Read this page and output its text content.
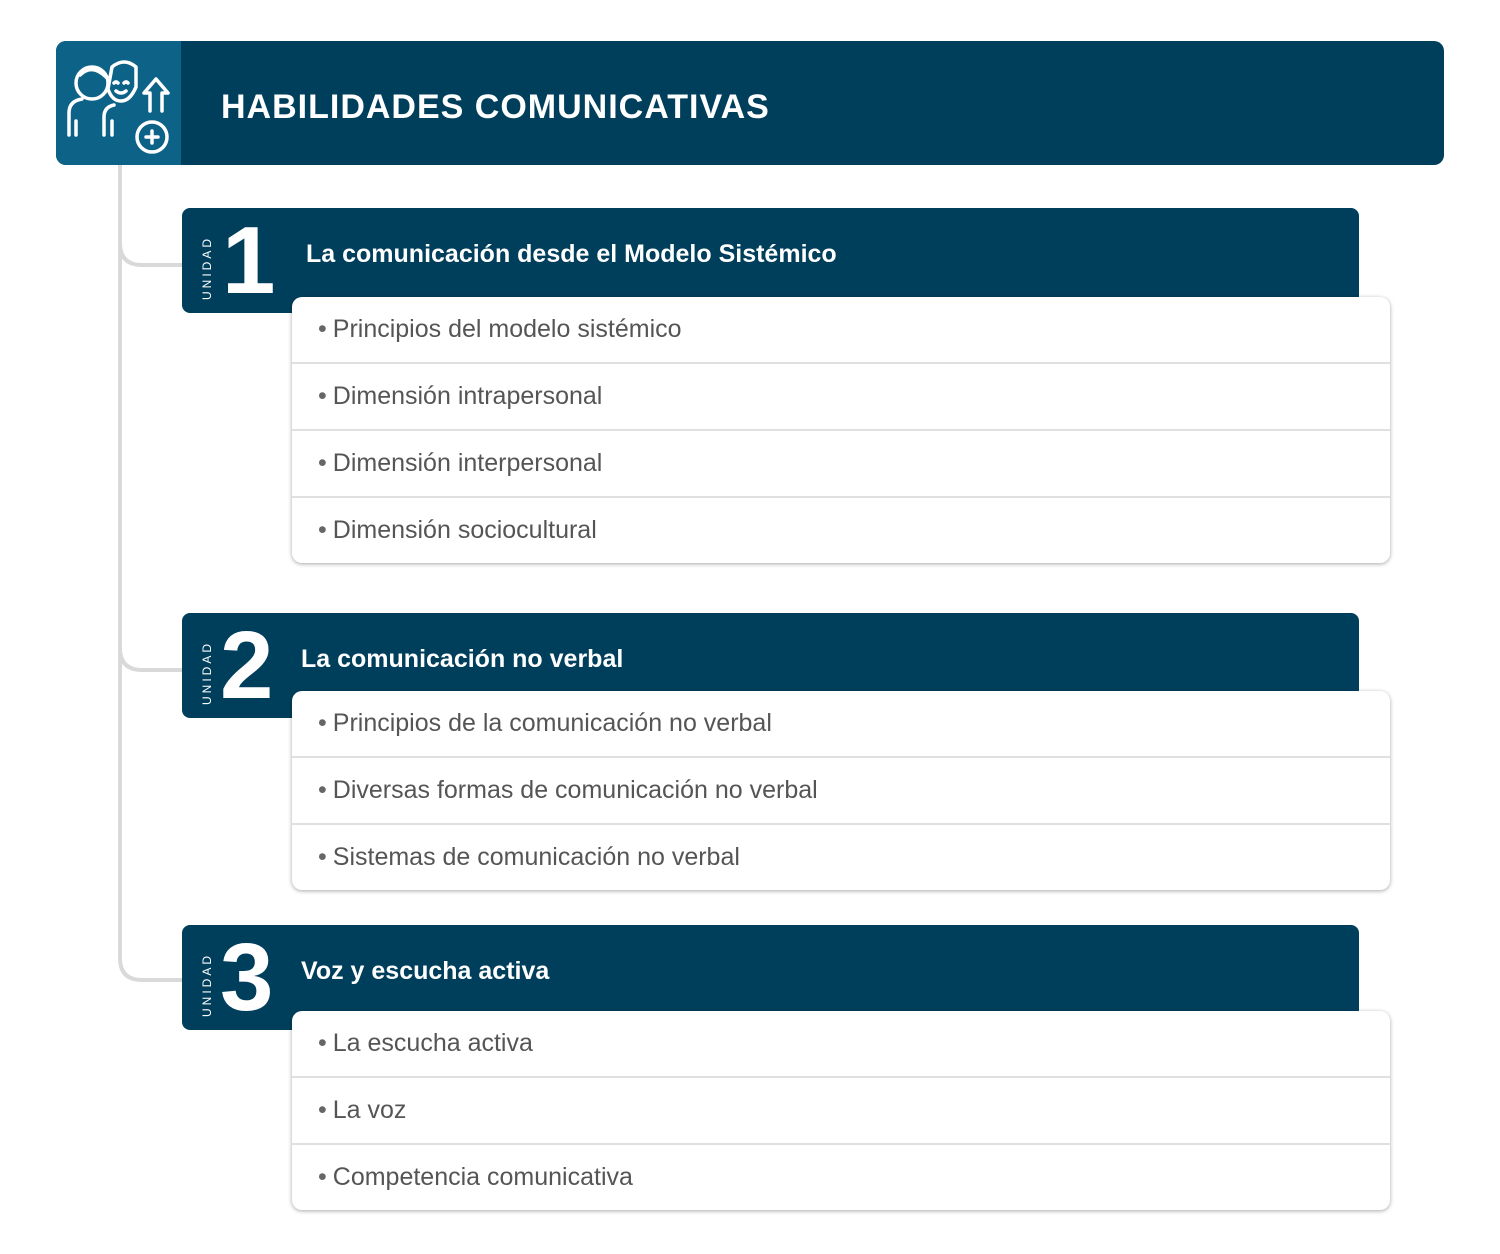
HABILIDADES COMUNICATIVAS
UNIDAD 1 La comunicación desde el Modelo Sistémico
• Principios del modelo sistémico
• Dimensión intrapersonal
• Dimensión interpersonal
• Dimensión sociocultural
UNIDAD 2 La comunicación no verbal
• Principios de la comunicación no verbal
• Diversas formas de comunicación no verbal
• Sistemas de comunicación no verbal
UNIDAD 3 Voz y escucha activa
• La escucha activa
• La voz
• Competencia comunicativa
